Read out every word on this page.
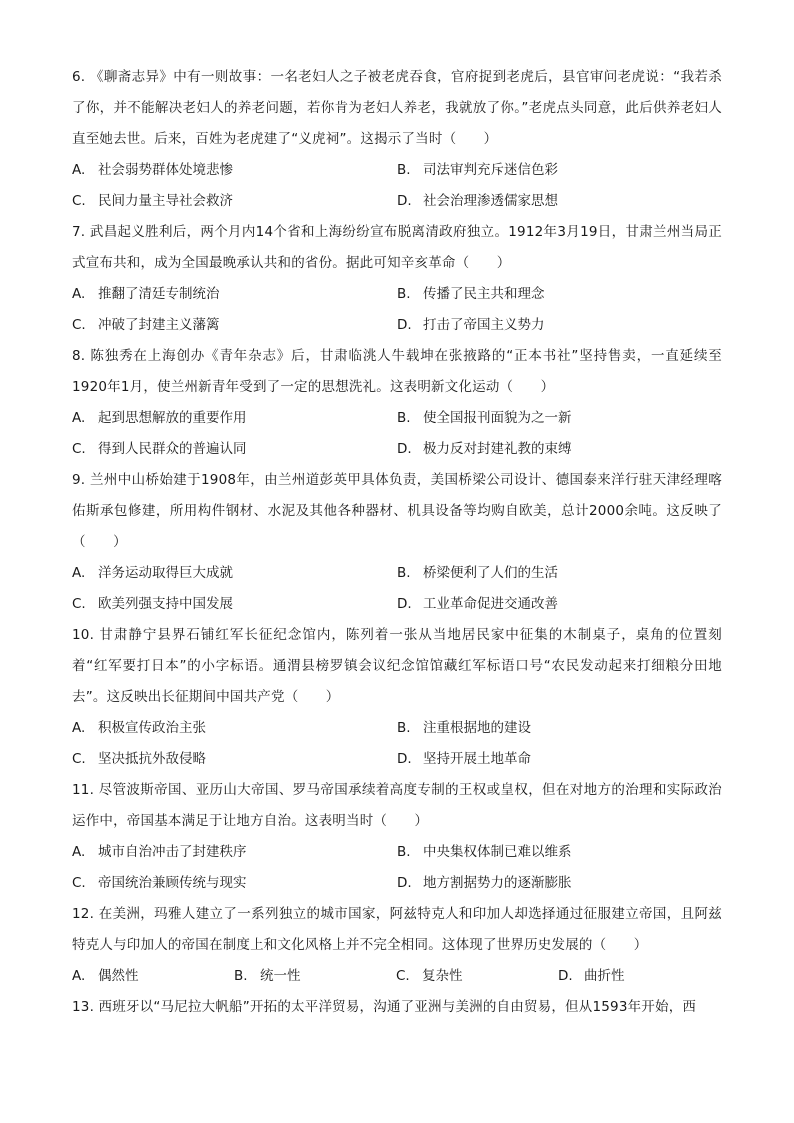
6. 《聊斋志异》中有一则故事：一名老妇人之子被老虎吞食，官府捉到老虎后，县官审问老虎说：“我若杀了你，并不能解决老妇人的养老问题，若你肯为老妇人养老，我就放了你。”老虎点头同意，此后供养老妇人直至她去世。后来，百姓为老虎建了“义虎祠”。这揭示了当时（　　）

A. 社会弱势群体处境悲惨	B. 司法审判充斥迷信色彩
C. 民间力量主导社会救济	D. 社会治理渗透儒家思想

7. 武昌起义胜利后，两个月内14个省和上海纷纷宣布脱离清政府独立。1912年3月19日，甘肃兰州当局正式宣布共和，成为全国最晚承认共和的省份。据此可知辛亥革命（　　）

A. 推翻了清廷专制统治	B. 传播了民主共和理念
C. 冲破了封建主义藩篱	D. 打击了帝国主义势力

8. 陈独秀在上海创办《青年杂志》后，甘肃临洮人牛载坤在张掖路的“正本书社”坚持售卖，一直延续至1920年1月，使兰州新青年受到了一定的思想洗礼。这表明新文化运动（　　）

A. 起到思想解放的重要作用	B. 使全国报刊面貌为之一新
C. 得到人民群众的普遍认同	D. 极力反对封建礼教的束缚

9. 兰州中山桥始建于1908年，由兰州道彭英甲具体负责，美国桥梁公司设计、德国泰来洋行驻天津经理喀佑斯承包修建，所用构件钢材、水泥及其他各种器材、机具设备等均购自欧美，总计2000余吨。这反映了（　　）

A. 洋务运动取得巨大成就	B. 桥梁便利了人们的生活
C. 欧美列强支持中国发展	D. 工业革命促进交通改善

10. 甘肃静宁县界石铺红军长征纪念馆内，陈列着一张从当地居民家中征集的木制桌子，桌角的位置刻着“红军要打日本”的小字标语。通渭县榜罗镇会议纪念馆馆藏红军标语口号“农民发动起来打细粮分田地去”。这反映出长征期间中国共产党（　　）

A. 积极宣传政治主张	B. 注重根据地的建设
C. 坚决抵抗外敌侵略	D. 坚持开展土地革命

11. 尽管波斯帝国、亚历山大帝国、罗马帝国承续着高度专制的王权或皇权，但在对地方的治理和实际政治运作中，帝国基本满足于让地方自治。这表明当时（　　）

A. 城市自治冲击了封建秩序	B. 中央集权体制已难以维系
C. 帝国统治兼顾传统与现实	D. 地方割据势力的逐渐膨胀

12. 在美洲，玛雅人建立了一系列独立的城市国家，阿兹特克人和印加人却选择通过征服建立帝国，且阿兹特克人与印加人的帝国在制度上和文化风格上并不完全相同。这体现了世界历史发展的（　　）

A. 偶然性	B. 统一性	C. 复杂性	D. 曲折性

13. 西班牙以“马尼拉大帆船”开拓的太平洋贸易，沟通了亚洲与美洲的自由贸易，但从1593年开始，西
